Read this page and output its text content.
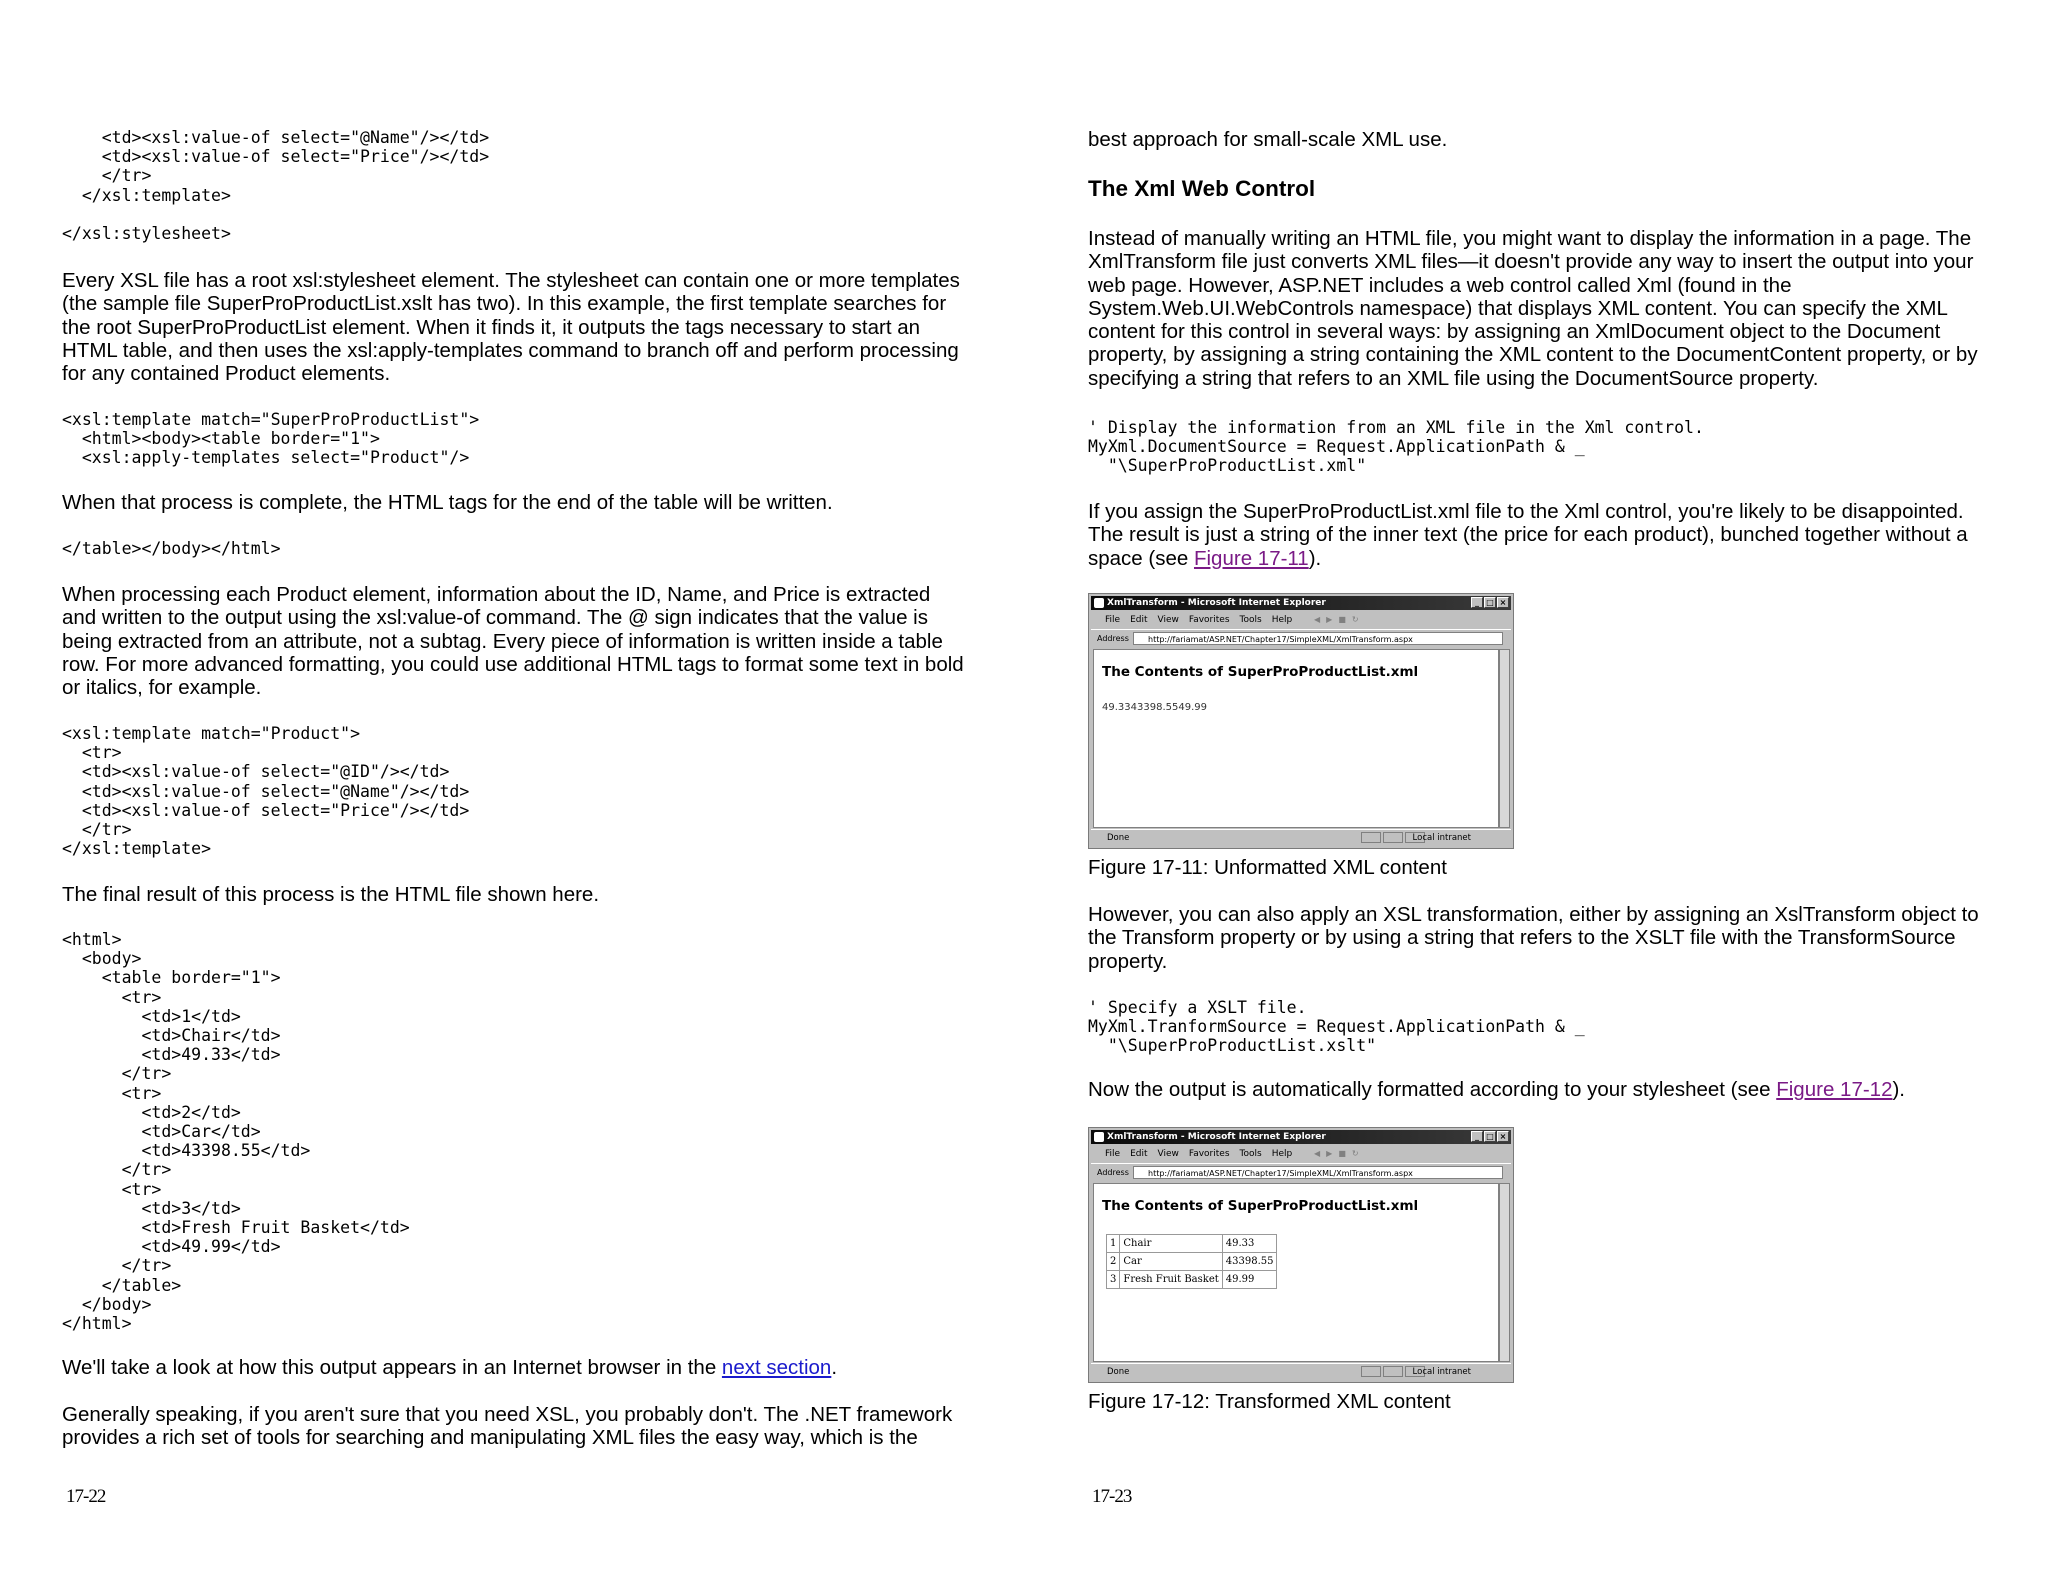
<td><xsl:value-of select="@Name"/></td>
<td><xsl:value-of select="Price"/></td>
</tr>
</xsl:template>
</xsl:stylesheet>

Every XSL file has a root xsl:stylesheet element. The stylesheet can contain one or more templates (the sample file SuperProProductList.xslt has two). In this example, the first template searches for the root SuperProProductList element. When it finds it, it outputs the tags necessary to start an HTML table, and then uses the xsl:apply-templates command to branch off and perform processing for any contained Product elements.

<xsl:template match="SuperProProductList">
<html><body><table border="1">
<xsl:apply-templates select="Product"/>

When that process is complete, the HTML tags for the end of the table will be written.

</table></body></html>

When processing each Product element, information about the ID, Name, and Price is extracted and written to the output using the xsl:value-of command. The @ sign indicates that the value is being extracted from an attribute, not a subtag. Every piece of information is written inside a table row. For more advanced formatting, you could use additional HTML tags to format some text in bold or italics, for example.

<xsl:template match="Product">
<tr>
<td><xsl:value-of select="@ID"/></td>
<td><xsl:value-of select="@Name"/></td>
<td><xsl:value-of select="Price"/></td>
</tr>
</xsl:template>

The final result of this process is the HTML file shown here.

<html>
<body>
<table border="1">
<tr>
<td>1</td>
<td>Chair</td>
<td>49.33</td>
</tr>
<tr>
<td>2</td>
<td>Car</td>
<td>43398.55</td>
</tr>
<tr>
<td>3</td>
<td>Fresh Fruit Basket</td>
<td>49.99</td>
</tr>
</table>
</body>
</html>

We'll take a look at how this output appears in an Internet browser in the next section.

Generally speaking, if you aren't sure that you need XSL, you probably don't. The .NET framework provides a rich set of tools for searching and manipulating XML files the easy way, which is the

17-22

best approach for small-scale XML use.

The Xml Web Control

Instead of manually writing an HTML file, you might want to display the information in a page. The XmlTransform file just converts XML files—it doesn't provide any way to insert the output into your web page. However, ASP.NET includes a web control called Xml (found in the System.Web.UI.WebControls namespace) that displays XML content. You can specify the XML content for this control in several ways: by assigning an XmlDocument object to the Document property, by assigning a string containing the XML content to the DocumentContent property, or by specifying a string that refers to an XML file using the DocumentSource property.

' Display the information from an XML file in the Xml control.
MyXml.DocumentSource = Request.ApplicationPath & _
"\SuperProProductList.xml"

If you assign the SuperProProductList.xml file to the Xml control, you're likely to be disappointed. The result is just a string of the inner text (the price for each product), bunched together without a space (see Figure 17-11).

XmlTransform - Microsoft Internet Explorer	_ □ ×
File Edit View Favorites Tools Help	◀ ▶ ■ ↻
Address	http://fariamat/ASP.NET/Chapter17/SimpleXML/XmlTransform.aspx
The Contents of SuperProProductList.xml
49.3343398.5549.99
Done	Local intranet
Figure 17-11: Unformatted XML content

However, you can also apply an XSL transformation, either by assigning an XslTransform object to the Transform property or by using a string that refers to the XSLT file with the TransformSource property.

' Specify a XSLT file.
MyXml.TranformSource = Request.ApplicationPath & _
"\SuperProProductList.xslt"

Now the output is automatically formatted according to your stylesheet (see Figure 17-12).

XmlTransform - Microsoft Internet Explorer	_ □ ×
File Edit View Favorites Tools Help	◀ ▶ ■ ↻
Address	http://fariamat/ASP.NET/Chapter17/SimpleXML/XmlTransform.aspx
The Contents of SuperProProductList.xml
1	Chair	49.33
2	Car	43398.55
3	Fresh Fruit Basket	49.99
Done	Local intranet
Figure 17-12: Transformed XML content
17-23
